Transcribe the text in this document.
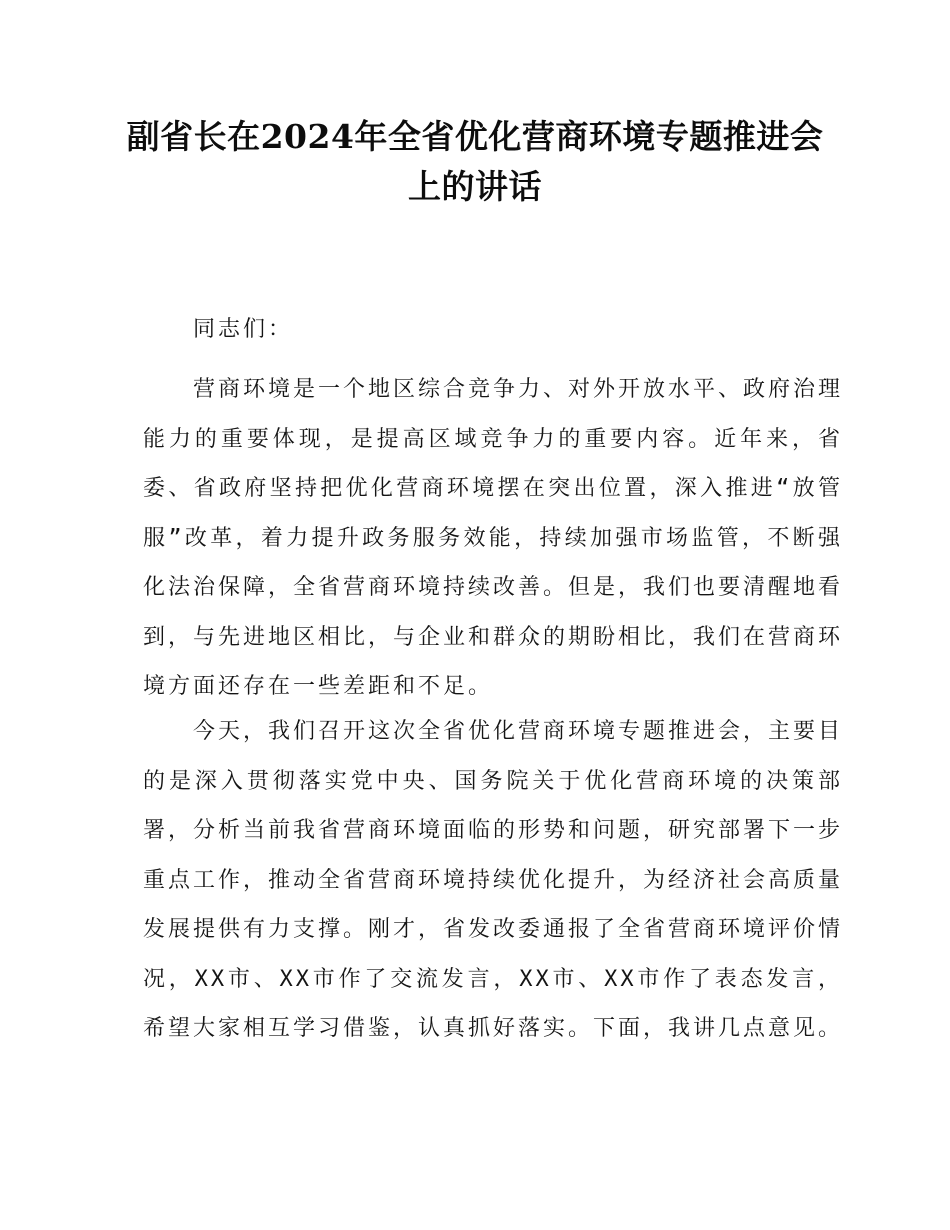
副省长在2024年全省优化营商环境专题推进会上的讲话

同志们：

营商环境是一个地区综合竞争力、对外开放水平、政府治理能力的重要体现，是提高区域竞争力的重要内容。近年来，省委、省政府坚持把优化营商环境摆在突出位置，深入推进“放管服”改革，着力提升政务服务效能，持续加强市场监管，不断强化法治保障，全省营商环境持续改善。但是，我们也要清醒地看到，与先进地区相比，与企业和群众的期盼相比，我们在营商环境方面还存在一些差距和不足。

今天，我们召开这次全省优化营商环境专题推进会，主要目的是深入贯彻落实党中央、国务院关于优化营商环境的决策部署，分析当前我省营商环境面临的形势和问题，研究部署下一步重点工作，推动全省营商环境持续优化提升，为经济社会高质量发展提供有力支撑。刚才，省发改委通报了全省营商环境评价情况，XX市、XX市作了交流发言，XX市、XX市作了表态发言，希望大家相互学习借鉴，认真抓好落实。下面，我讲几点意见。
